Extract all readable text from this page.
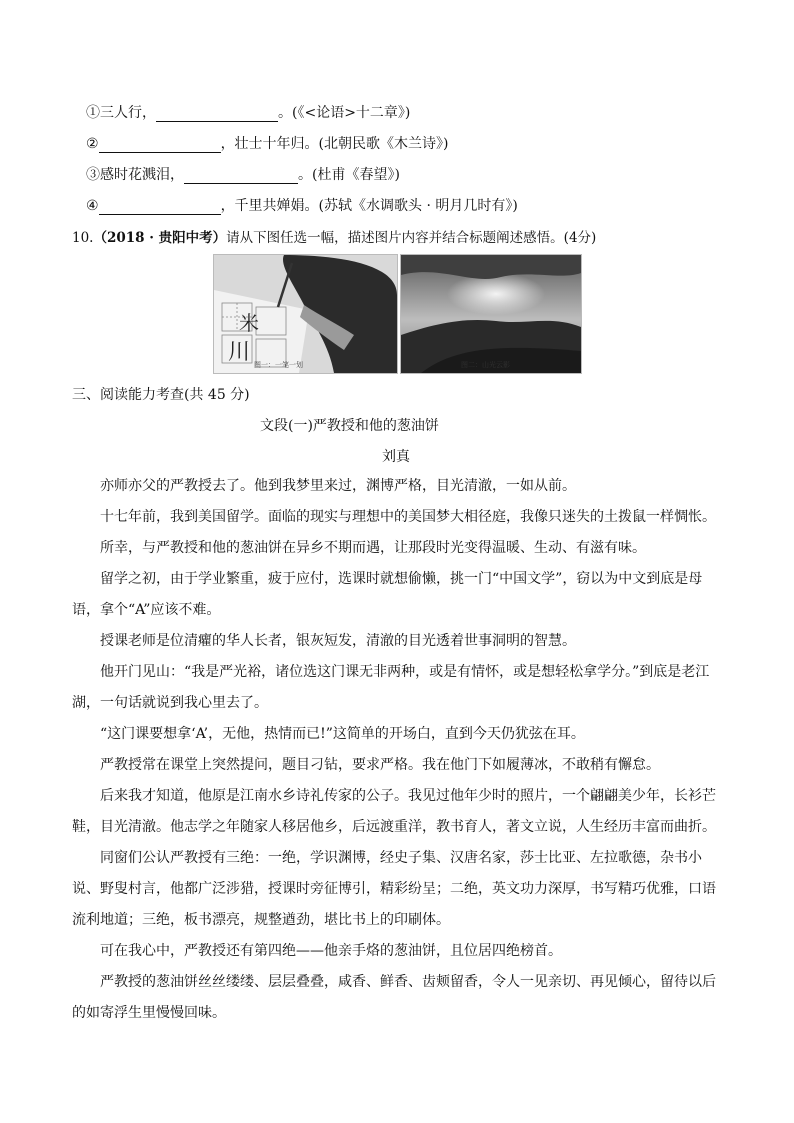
①三人行，	。(《<论语>十二章》)
②	，壮士十年归。(北朝民歌《木兰诗》)
③感时花溅泪，	。(杜甫《春望》)
④	，千里共婵娟。(苏轼《水调歌头 · 明月几时有》)
10.（2018 · 贵阳中考）请从下图任选一幅，描述图片内容并结合标题阐述感悟。(4分)
米
川 图一：一笔一划	图二：山光云影
三、阅读能力考查(共 45 分)
文段(一)严教授和他的葱油饼
刘真
亦师亦父的严教授去了。他到我梦里来过，渊博严格，目光清澈，一如从前。
十七年前，我到美国留学。面临的现实与理想中的美国梦大相径庭，我像只迷失的土拨鼠一样惆怅。
所幸，与严教授和他的葱油饼在异乡不期而遇，让那段时光变得温暖、生动、有滋有味。
留学之初，由于学业繁重，疲于应付，选课时就想偷懒，挑一门“中国文学”，窃以为中文到底是母语，拿个“A”应该不难。
授课老师是位清癯的华人长者，银灰短发，清澈的目光透着世事洞明的智慧。
他开门见山：“我是严光裕，诸位选这门课无非两种，或是有情怀，或是想轻松拿学分。”到底是老江湖，一句话就说到我心里去了。
“这门课要想拿‘A’，无他，热情而已!”这简单的开场白，直到今天仍犹弦在耳。
严教授常在课堂上突然提问，题目刁钻，要求严格。我在他门下如履薄冰，不敢稍有懈怠。
后来我才知道，他原是江南水乡诗礼传家的公子。我见过他年少时的照片，一个翩翩美少年，长衫芒鞋，目光清澈。他志学之年随家人移居他乡，后远渡重洋，教书育人，著文立说，人生经历丰富而曲折。
同窗们公认严教授有三绝：一绝，学识渊博，经史子集、汉唐名家，莎士比亚、左拉歌德，杂书小说、野叟村言，他都广泛涉猎，授课时旁征博引，精彩纷呈；二绝，英文功力深厚，书写精巧优雅，口语流利地道；三绝，板书漂亮，规整遒劲，堪比书上的印刷体。
可在我心中，严教授还有第四绝——他亲手烙的葱油饼，且位居四绝榜首。
严教授的葱油饼丝丝缕缕、层层叠叠，咸香、鲜香、齿颊留香，令人一见亲切、再见倾心，留待以后的如寄浮生里慢慢回味。
